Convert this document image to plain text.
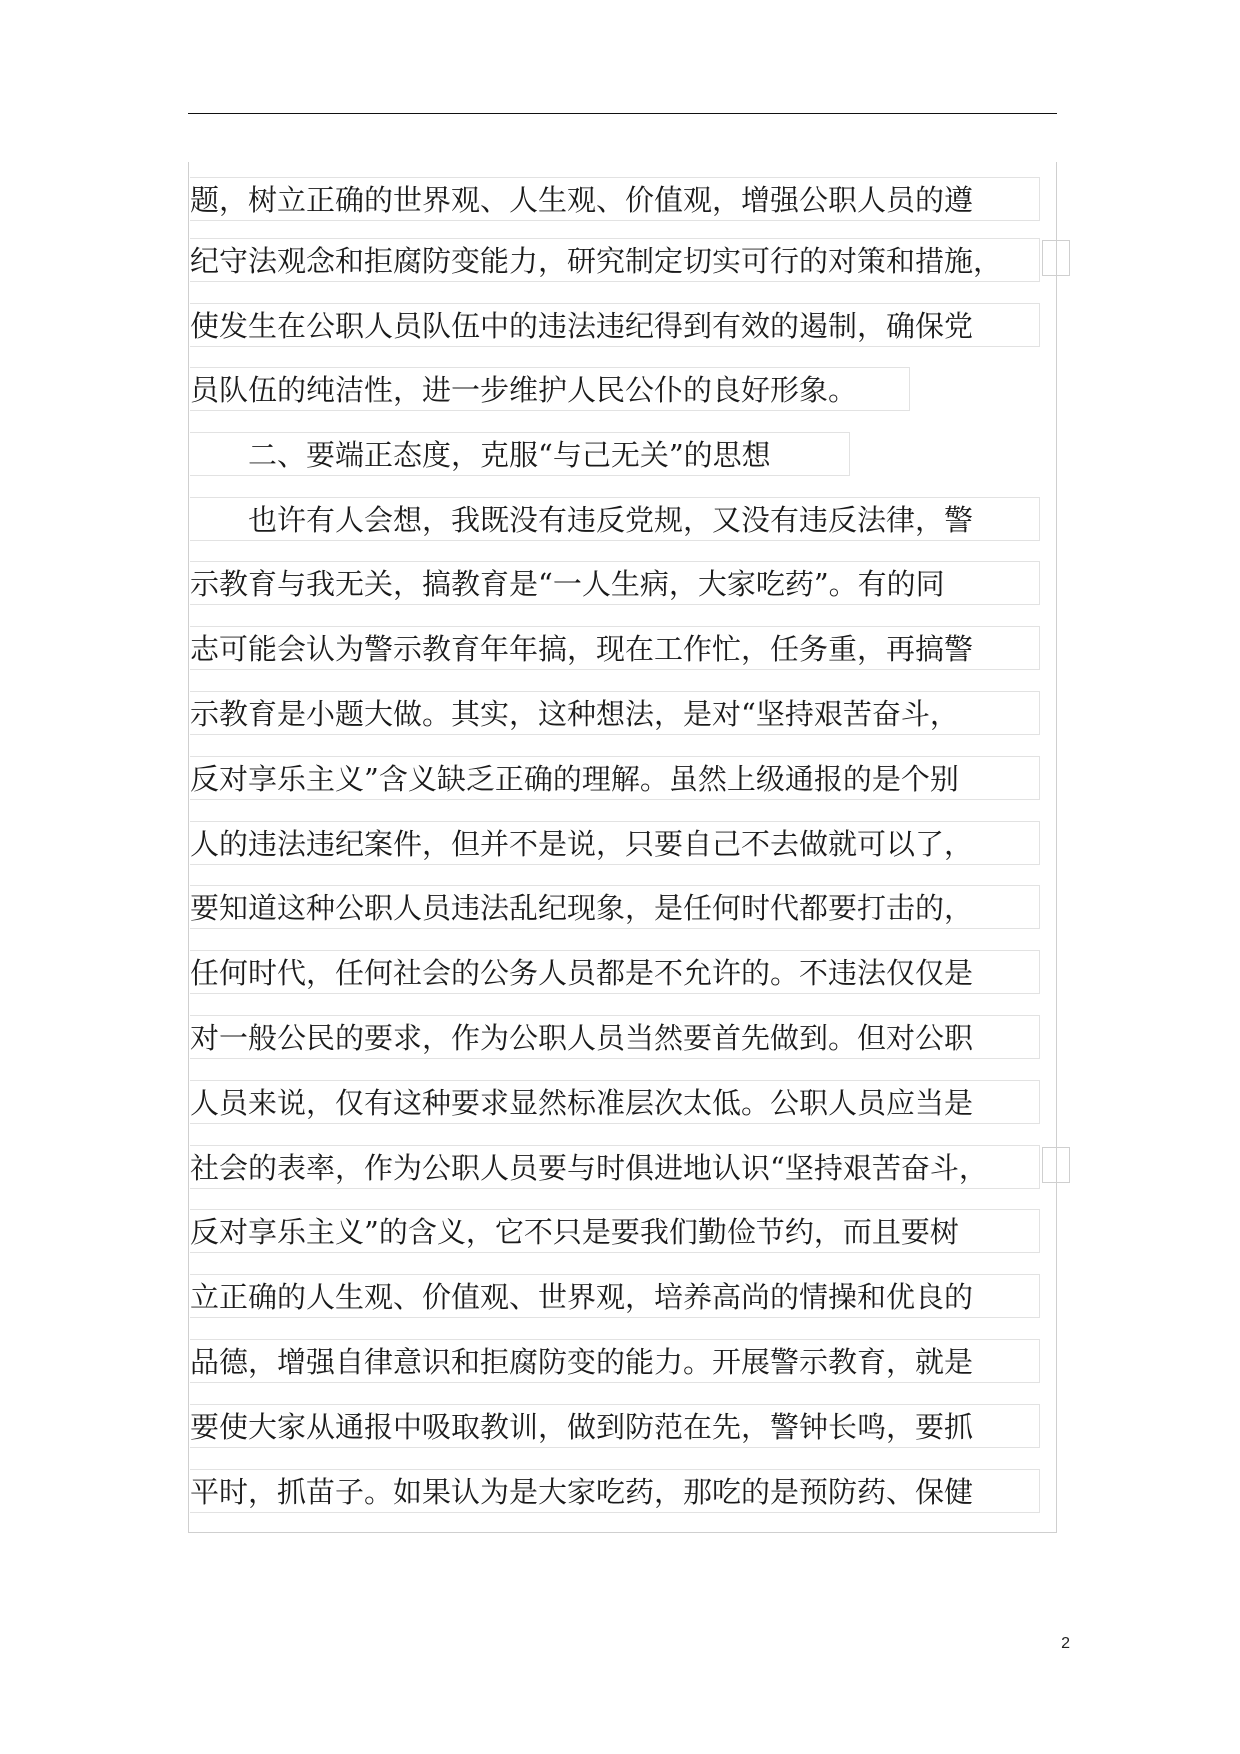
题，树立正确的世界观、人生观、价值观，增强公职人员的遵
纪守法观念和拒腐防变能力，研究制定切实可行的对策和措施，
使发生在公职人员队伍中的违法违纪得到有效的遏制，确保党
员队伍的纯洁性，进一步维护人民公仆的良好形象。
　　二、要端正态度，克服“与己无关”的思想
　　也许有人会想，我既没有违反党规，又没有违反法律，警
示教育与我无关，搞教育是“一人生病，大家吃药”。有的同
志可能会认为警示教育年年搞，现在工作忙，任务重，再搞警
示教育是小题大做。其实，这种想法，是对“坚持艰苦奋斗，
反对享乐主义”含义缺乏正确的理解。虽然上级通报的是个别
人的违法违纪案件，但并不是说，只要自己不去做就可以了，
要知道这种公职人员违法乱纪现象，是任何时代都要打击的，
任何时代，任何社会的公务人员都是不允许的。不违法仅仅是
对一般公民的要求，作为公职人员当然要首先做到。但对公职
人员来说，仅有这种要求显然标准层次太低。公职人员应当是
社会的表率，作为公职人员要与时俱进地认识“坚持艰苦奋斗，
反对享乐主义”的含义，它不只是要我们勤俭节约，而且要树
立正确的人生观、价值观、世界观，培养高尚的情操和优良的
品德，增强自律意识和拒腐防变的能力。开展警示教育，就是
要使大家从通报中吸取教训，做到防范在先，警钟长鸣，要抓
平时，抓苗子。如果认为是大家吃药，那吃的是预防药、保健
2
